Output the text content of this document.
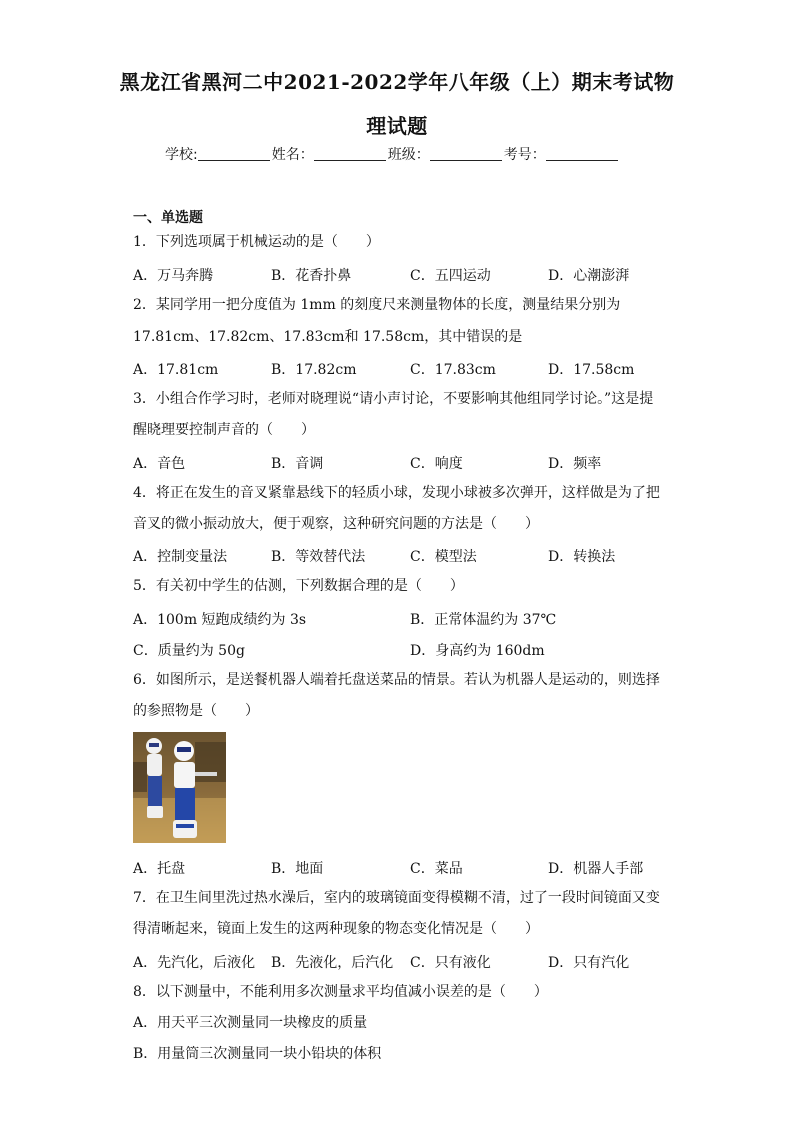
黑龙江省黑河二中2021-2022学年八年级（上）期末考试物
理试题
学校:	姓名：	班级：	考号：
一、单选题
1．下列选项属于机械运动的是（　　）
A．万马奔腾	B．花香扑鼻	C．五四运动	D．心潮澎湃
2．某同学用一把分度值为 1mm 的刻度尺来测量物体的长度，测量结果分别为
17.81cm、17.82cm、17.83cm和 17.58cm，其中错误的是
A．17.81cm	B．17.82cm	C．17.83cm	D．17.58cm
3．小组合作学习时，老师对晓理说“请小声讨论，不要影响其他组同学讨论。”这是提
醒晓理要控制声音的（　　）
A．音色	B．音调	C．响度	D．频率
4．将正在发生的音叉紧靠悬线下的轻质小球，发现小球被多次弹开，这样做是为了把
音叉的微小振动放大，便于观察，这种研究问题的方法是（　　）
A．控制变量法	B．等效替代法	C．模型法	D．转换法
5．有关初中学生的估测，下列数据合理的是（　　）
A．100m 短跑成绩约为 3s	B．正常体温约为 37℃
C．质量约为 50g	D．身高约为 160dm
6．如图所示，是送餐机器人端着托盘送菜品的情景。若认为机器人是运动的，则选择
的参照物是（　　）
A．托盘	B．地面	C．菜品	D．机器人手部
7．在卫生间里洗过热水澡后，室内的玻璃镜面变得模糊不清，过了一段时间镜面又变
得清晰起来，镜面上发生的这两种现象的物态变化情况是（　　）
A．先汽化，后液化 B．先液化，后汽化 C．只有液化	D．只有汽化
8．以下测量中，不能利用多次测量求平均值减小误差的是（　　）
A．用天平三次测量同一块橡皮的质量
B．用量筒三次测量同一块小铅块的体积
